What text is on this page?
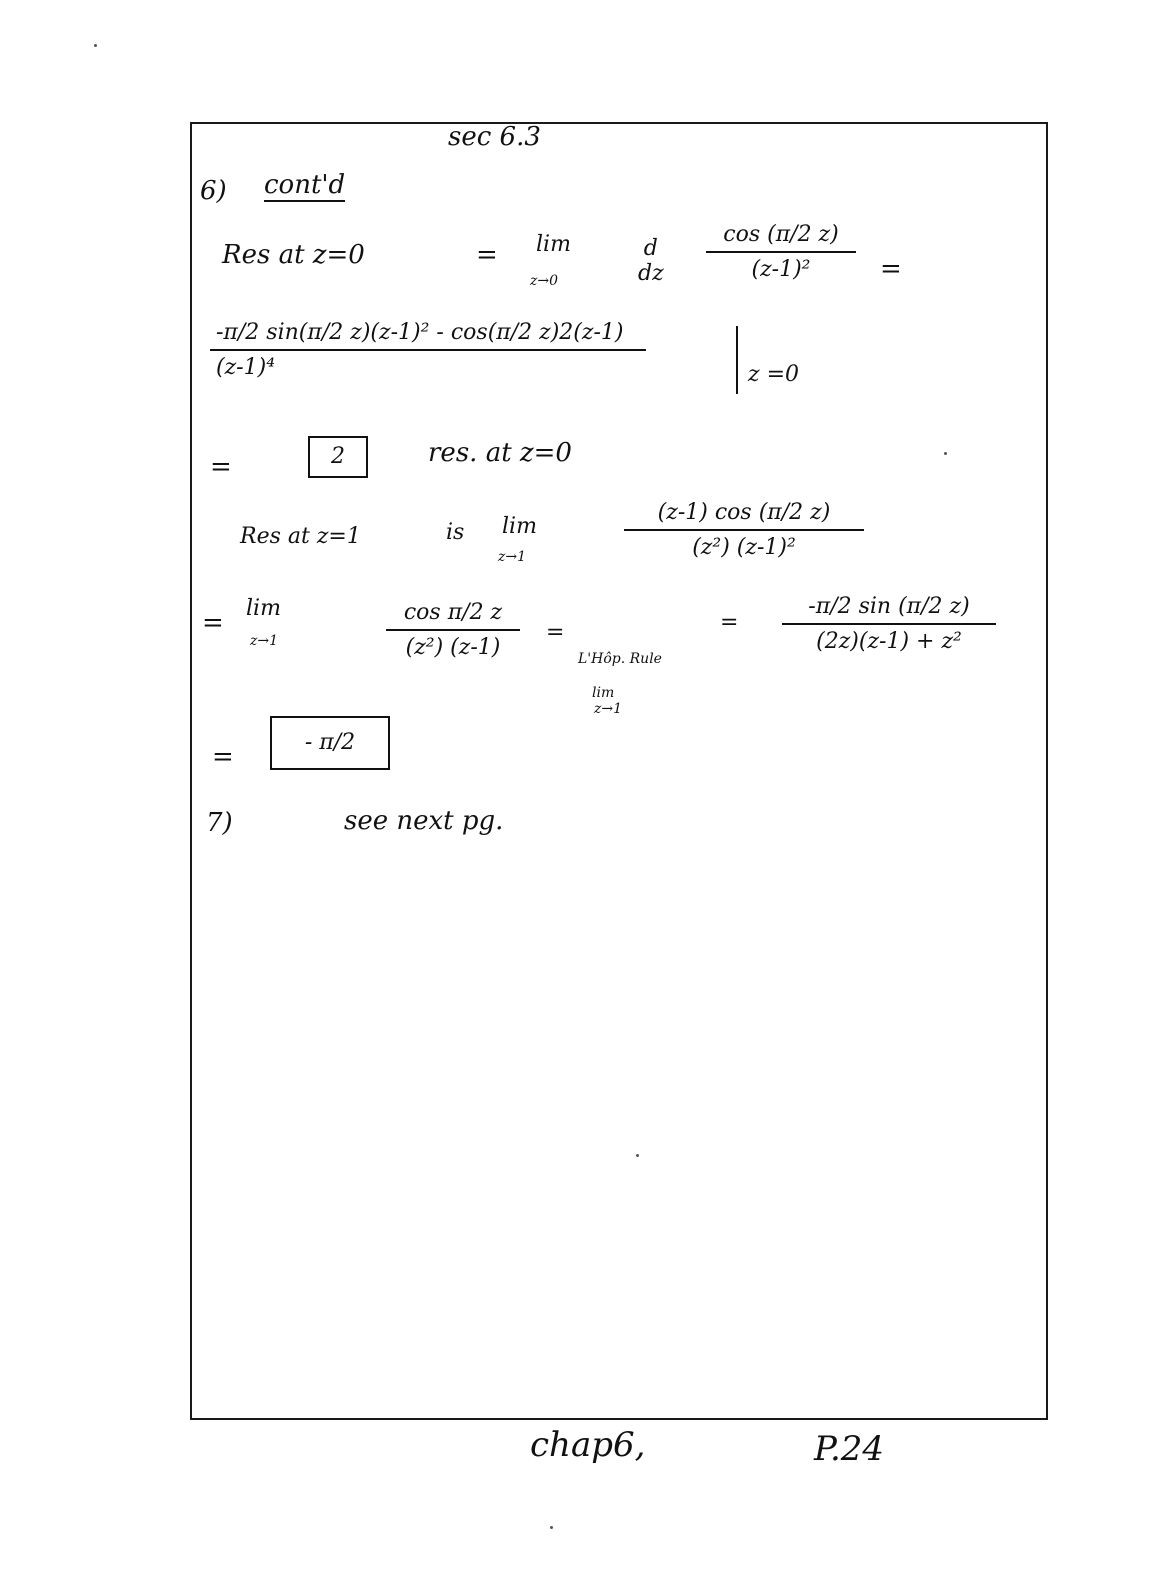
sec 6.3
6) cont'd
Res at z=0	= lim
z→0
d
dz
cos (π/2 z)
(z-1)²	=
-π/2 sin(π/2 z)(z-1)² - cos(π/2 z)2(z-1)
(z-1)⁴	z =0
=	2	res. at z=0
Res at z=1	is lim
z→1
(z-1) cos (π/2 z)
(z²) (z-1)²
= lim
z→1
cos π/2 z
(z²) (z-1)
=
L'Hôp. Rule
lim
z→1
=
-π/2 sin (π/2 z)
(2z)(z-1) + z²
=	- π/2
7)	see next pg.
chap6,	P.24
